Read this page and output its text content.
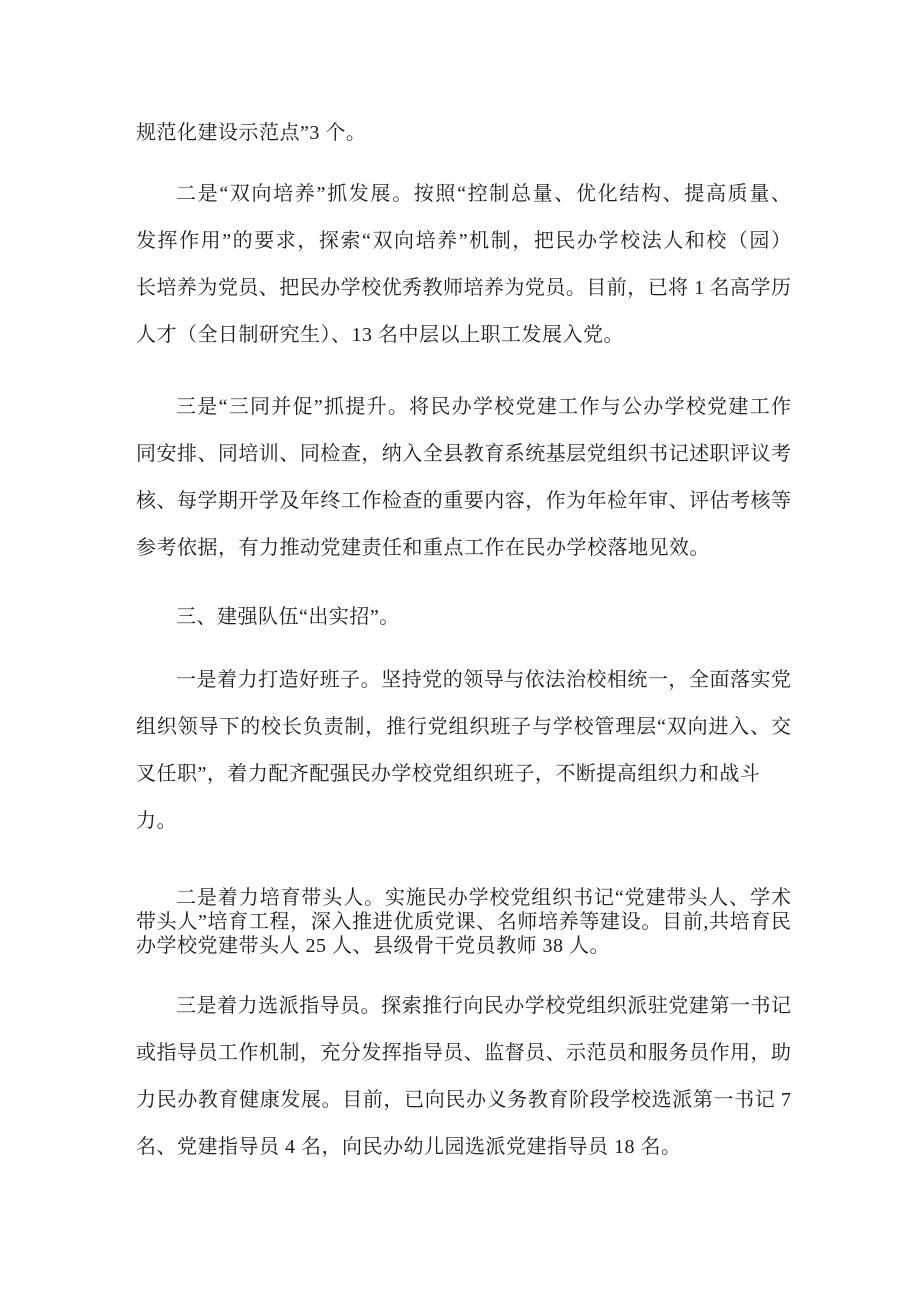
规范化建设示范点”3 个。
二是“双向培养”抓发展。按照“控制总量、优化结构、提高质量、
发挥作用”的要求，探索“双向培养”机制，把民办学校法人和校（园）
长培养为党员、把民办学校优秀教师培养为党员。目前，已将 1 名高学历
人才（全日制研究生）、13 名中层以上职工发展入党。
三是“三同并促”抓提升。将民办学校党建工作与公办学校党建工作
同安排、同培训、同检查，纳入全县教育系统基层党组织书记述职评议考
核、每学期开学及年终工作检查的重要内容，作为年检年审、评估考核等
参考依据，有力推动党建责任和重点工作在民办学校落地见效。
三、建强队伍“出实招”。
一是着力打造好班子。坚持党的领导与依法治校相统一，全面落实党
组织领导下的校长负责制，推行党组织班子与学校管理层“双向进入、交
叉任职”，着力配齐配强民办学校党组织班子，不断提高组织力和战斗力。
二是着力培育带头人。实施民办学校党组织书记“党建带头人、学术
带头人”培育工程，深入推进优质党课、名师培养等建设。目前,共培育民
办学校党建带头人 25 人、县级骨干党员教师 38 人。
三是着力选派指导员。探索推行向民办学校党组织派驻党建第一书记
或指导员工作机制，充分发挥指导员、监督员、示范员和服务员作用，助
力民办教育健康发展。目前，已向民办义务教育阶段学校选派第一书记 7
名、党建指导员 4 名，向民办幼儿园选派党建指导员 18 名。
